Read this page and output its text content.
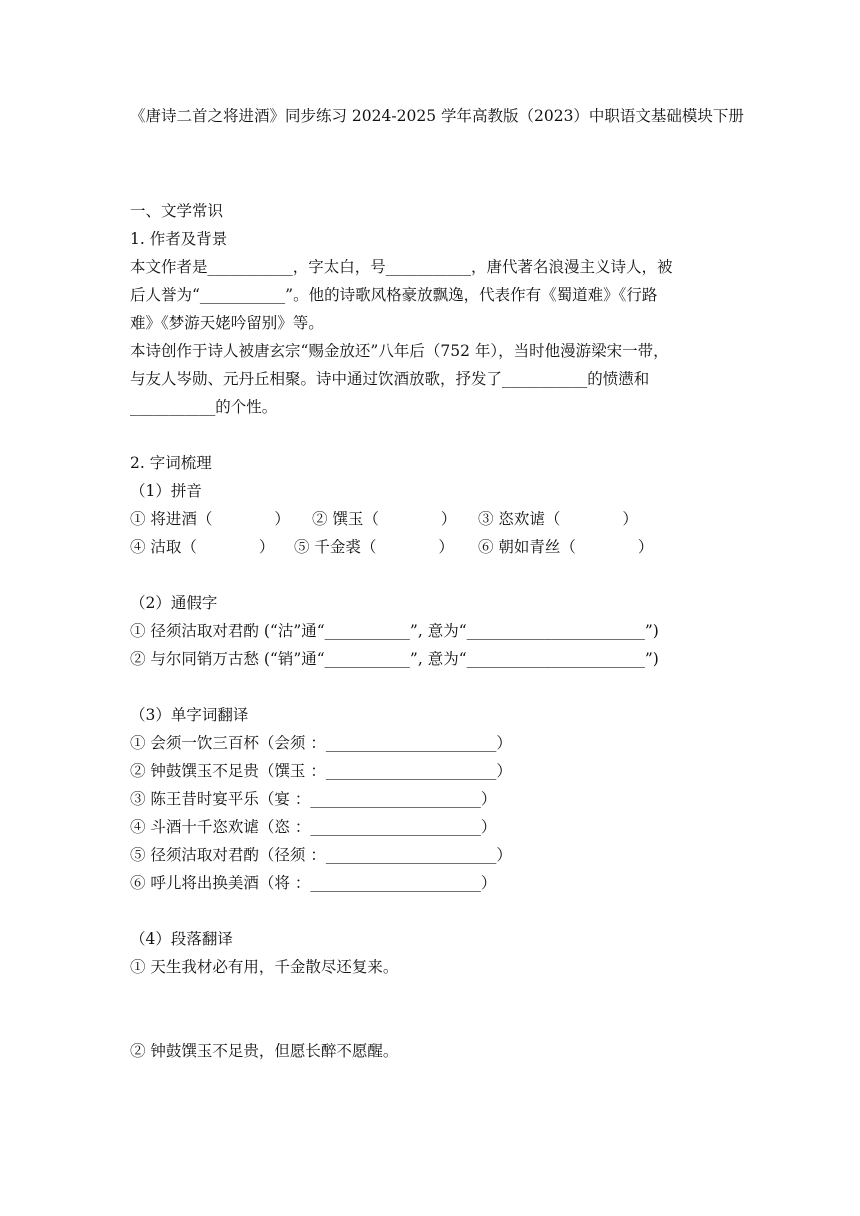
《唐诗二首之将进酒》同步练习 2024-2025 学年高教版（2023）中职语文基础模块下册
一、文学常识
1. 作者及背景
本文作者是___________，字太白，号___________，唐代著名浪漫主义诗人，被
后人誉为“___________”。他的诗歌风格豪放飘逸，代表作有《蜀道难》《行路
难》《梦游天姥吟留别》等。
本诗创作于诗人被唐玄宗“赐金放还”八年后（752 年），当时他漫游梁宋一带，
与友人岑勋、元丹丘相聚。诗中通过饮酒放歌，抒发了___________的愤懑和
___________的个性。
2. 字词梳理
（1）拼音
① 将进酒（　　　　） ② 馔玉（　　　　） ③ 恣欢谑（　　　　）
④ 沽取（　　　　） ⑤ 千金裘（　　　　） ⑥ 朝如青丝（　　　　）
（2）通假字
① 径须沽取对君酌 (“沽”通“___________”, 意为“_______________________”)
② 与尔同销万古愁 (“销”通“___________”, 意为“_______________________”)
（3）单字词翻译
① 会须一饮三百杯（会须 ：______________________）
② 钟鼓馔玉不足贵（馔玉 ：______________________）
③ 陈王昔时宴平乐（宴 ：______________________）
④ 斗酒十千恣欢谑（恣 ：______________________）
⑤ 径须沽取对君酌（径须 ：______________________）
⑥ 呼儿将出换美酒（将 ：______________________）
（4）段落翻译
① 天生我材必有用，千金散尽还复来。
② 钟鼓馔玉不足贵，但愿长醉不愿醒。
